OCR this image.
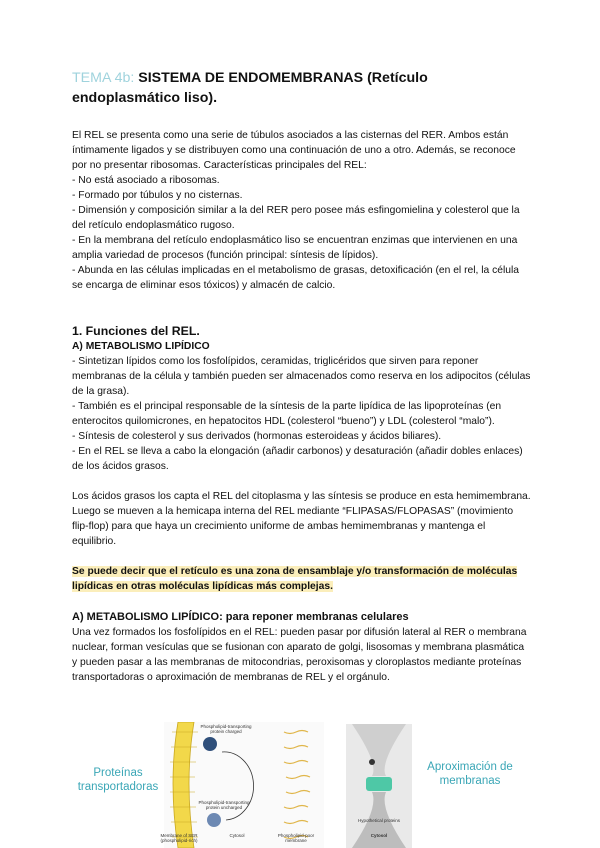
TEMA 4b: SISTEMA DE ENDOMEMBRANAS (Retículo endoplasmático liso).

El REL se presenta como una serie de túbulos asociados a las cisternas del RER. Ambos están íntimamente ligados y se distribuyen como una continuación de uno a otro. Además, se reconoce por no presentar ribosomas. Características principales del REL:

- No está asociado a ribosomas.

- Formado por túbulos y no cisternas.

- Dimensión y composición similar a la del RER pero posee más esfingomielina y colesterol que la del retículo endoplasmático rugoso.

- En la membrana del retículo endoplasmático liso se encuentran enzimas que intervienen en una amplia variedad de procesos (función principal: síntesis de lípidos).

- Abunda en las células implicadas en el metabolismo de grasas, detoxificación (en el rel, la célula se encarga de eliminar esos tóxicos) y almacén de calcio.

1. Funciones del REL.
A) METABOLISMO LIPÍDICO

- Sintetizan lípidos como los fosfolípidos, ceramidas, triglicéridos que sirven para reponer membranas de la célula y también pueden ser almacenados como reserva en los adipocitos (células de la grasa).

- También es el principal responsable de la síntesis de la parte lipídica de las lipoproteínas (en enterocitos quilomicrones, en hepatocitos HDL (colesterol “bueno”) y LDL (colesterol “malo”).

- Síntesis de colesterol y sus derivados (hormonas esteroideas y ácidos biliares).

- En el REL se lleva a cabo la elongación (añadir carbonos) y desaturación (añadir dobles enlaces) de los ácidos grasos.

Los ácidos grasos los capta el REL del citoplasma y las síntesis se produce en esta hemimembrana. Luego se mueven a la hemicapa interna del REL mediante “FLIPASAS/FLOPASAS” (movimiento flip-flop) para que haya un crecimiento uniforme de ambas hemimembranas y mantenga el equilibrio.

Se puede decir que el retículo es una zona de ensamblaje y/o transformación de moléculas lipídicas en otras moléculas lipídicas más complejas.

A) METABOLISMO LIPÍDICO: para reponer membranas celulares

Una vez formados los fosfolípidos en el REL: pueden pasar por difusión lateral al RER o membrana nuclear, forman vesículas que se fusionan con aparato de golgi, lisosomas y membrana plasmática y pueden pasar a las membranas de mitocondrias, peroxisomas y cloroplastos mediante proteínas transportadoras o aproximación de membranas de REL y el orgánulo.

Proteínas transportadoras
Phospholipid-transporting protein charged
Phospholipid-transporting protein uncharged
Membrane of SER (phospholipid-rich)
Cytosol	Phospholipid-poor membrane
Hypothetical proteins
Cytosol
Aproximación de membranas
